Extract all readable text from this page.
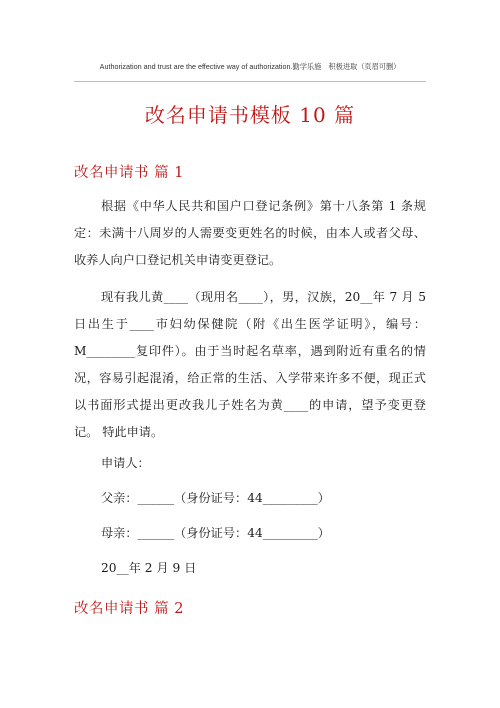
Authorization and trust are the effective way of authorization.勤学乐施　积极进取（页眉可删）
改名申请书模板 10 篇
改名申请书 篇 1

根据《中华人民共和国户口登记条例》第十八条第 1 条规定：未满十八周岁的人需要变更姓名的时候，由本人或者父母、收养人向户口登记机关申请变更登记。

现有我儿黄____（现用名____），男，汉族，20__年 7 月 5 日出生于____市妇幼保健院（附《出生医学证明》，编号：M________复印件）。由于当时起名草率，遇到附近有重名的情况，容易引起混淆，给正常的生活、入学带来许多不便，现正式以书面形式提出更改我儿子姓名为黄____的申请，望予变更登记。 特此申请。

申请人：

父亲：______（身份证号：44_________）

母亲：______（身份证号：44_________）

20__年 2 月 9 日

改名申请书 篇 2
